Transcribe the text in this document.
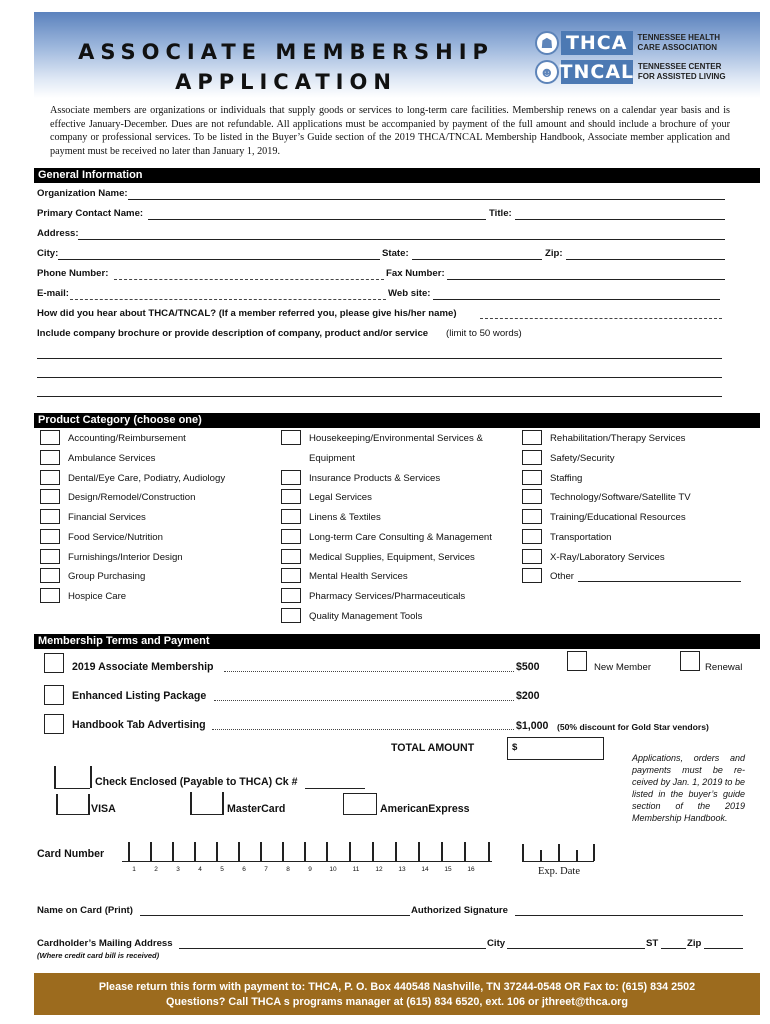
ASSOCIATE MEMBERSHIP
APPLICATION
☗ THCA	TENNESSEE HEALTH CARE ASSOCIATION
☻ TNCAL TENNESSEE CENTER FOR ASSISTED LIVING
Associate members are organizations or individuals that supply goods or services to long-term care facilities. Membership renews on a calendar year basis and is effective January-December. Dues are not refundable. All applications must be accompanied by payment of the full amount and should include a brochure of your company or professional services. To be listed in the Buyer’s Guide section of the 2019 THCA/TNCAL Membership Handbook, Associate member application and payment must be received no later than January 1, 2019.
General Information
Organization Name:
Primary Contact Name:	Title:
Address:
City:	State:	Zip:
Phone Number:	Fax Number:
E-mail:	Web site:
How did you hear about THCA/TNCAL? (If a member referred you, please give his/her name)
Include company brochure or provide description of company, product and/or service (limit to 50 words)
Product Category (choose one)
Accounting/Reimbursement
Ambulance Services
Dental/Eye Care, Podiatry, Audiology
Design/Remodel/Construction
Financial Services
Food Service/Nutrition
Furnishings/Interior Design
Group Purchasing
Hospice Care
Housekeeping/Environmental Services &
Equipment
Insurance Products & Services
Legal Services
Linens & Textiles
Long-term Care Consulting & Management
Medical Supplies, Equipment, Services
Mental Health Services
Pharmacy Services/Pharmaceuticals
Quality Management Tools
Rehabilitation/Therapy Services
Safety/Security
Staffing
Technology/Software/Satellite TV
Training/Educational Resources
Transportation
X-Ray/Laboratory Services
Other
Membership Terms and Payment
2019 Associate Membership	$500	New Member	Renewal
Enhanced Listing Package	$200
Handbook Tab Advertising	$1,000 (50% discount for Gold Star vendors)
TOTAL AMOUNT	$
Applications, orders and payments must be re-ceived by Jan. 1, 2019 to be listed in the buyer’s guide section of the 2019 Membership Handbook.
Check Enclosed (Payable to THCA) Ck #
VISA	MasterCard	AmericanExpress
Card Number
1	2	3	4	5	6	7	8	9	10	11	12	13	14	15	16	Exp. Date
Name on Card (Print)	Authorized Signature
Cardholder’s Mailing Address	City	ST	Zip
(Where credit card bill is received)
Please return this form with payment to: THCA, P. O. Box 440548 Nashville, TN 37244-0548 OR Fax to: (615) 834 2502
Questions? Call THCA s programs manager at (615) 834 6520, ext. 106 or jthreet@thca.org
